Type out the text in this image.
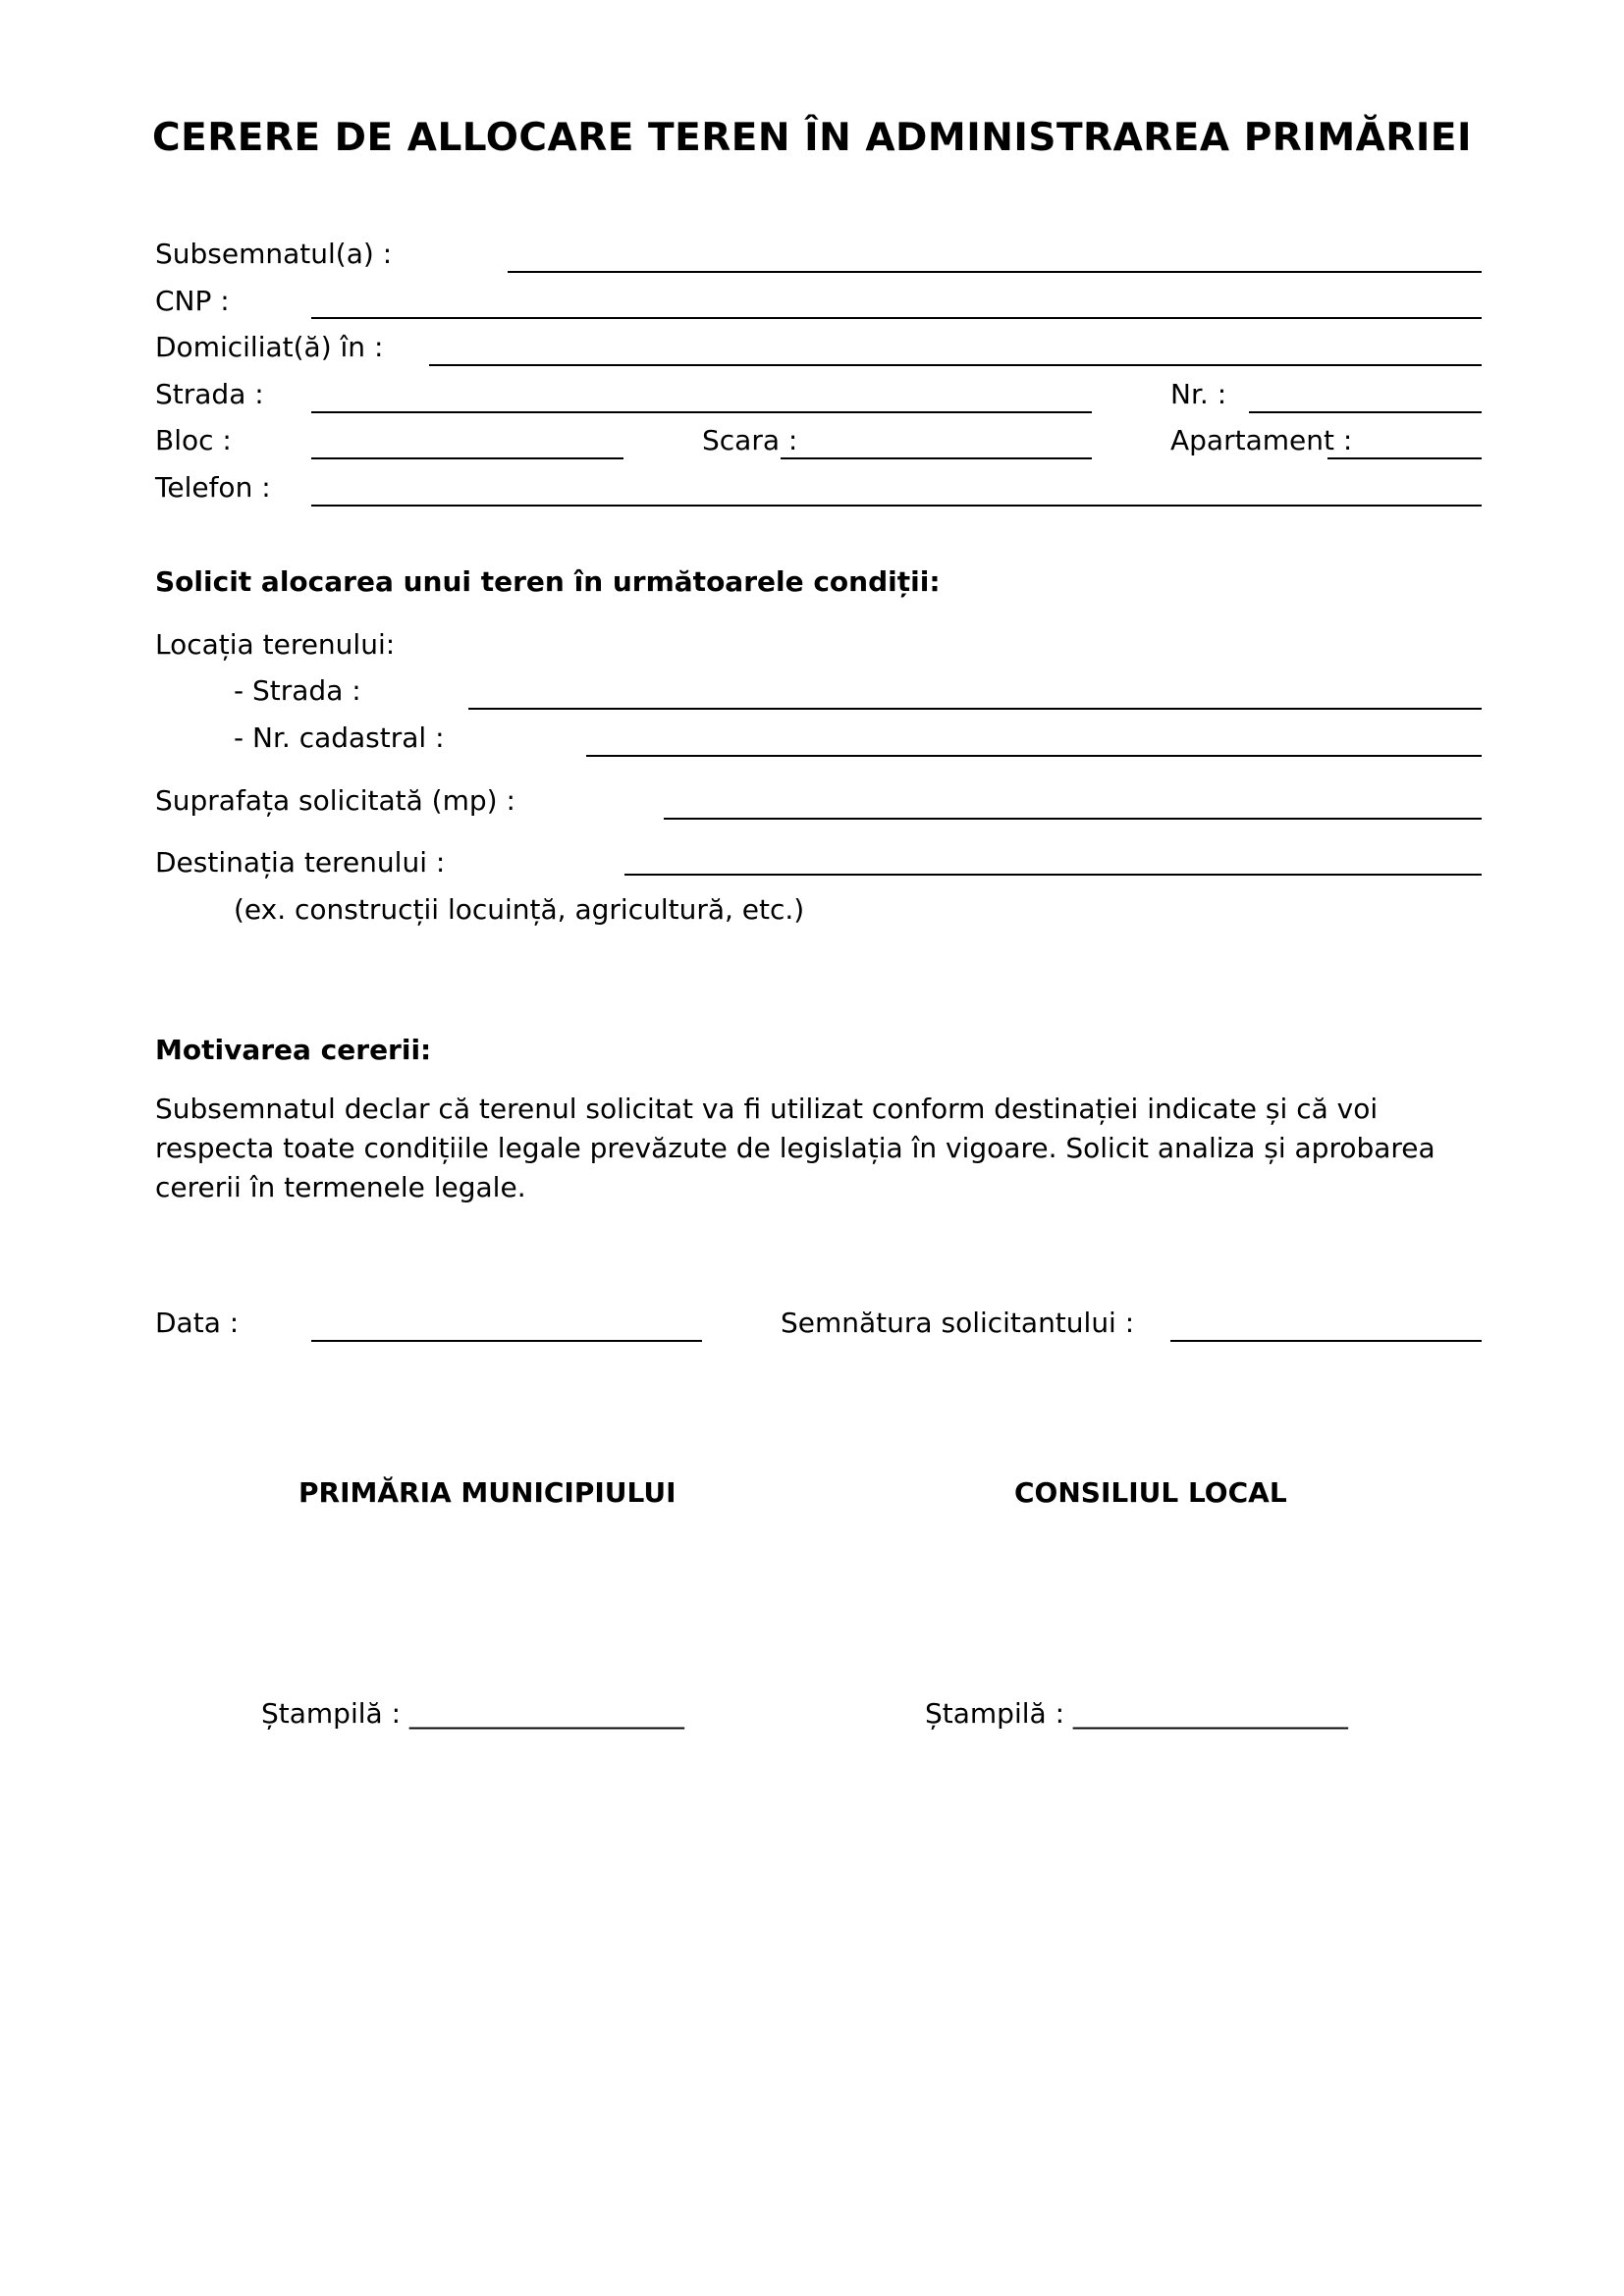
CERERE DE ALLOCARE TEREN ÎN ADMINISTRAREA PRIMĂRIEI
Subsemnatul(a) :
CNP :
Domiciliat(ă) în :
Strada :	Nr. :
Bloc :	Scara :	Apartament :
Telefon :
Solicit alocarea unui teren în următoarele condiții:
Locația terenului:
- Strada :
- Nr. cadastral :
Suprafața solicitată (mp) :
Destinația terenului :
(ex. construcții locuință, agricultură, etc.)
Motivarea cererii:
Subsemnatul declar că terenul solicitat va fi utilizat conform destinației indicate și că voi
respecta toate condițiile legale prevăzute de legislația în vigoare. Solicit analiza și aprobarea
cererii în termenele legale.
Data :	Semnătura solicitantului :
PRIMĂRIA MUNICIPIULUI	CONSILIUL LOCAL
Ștampilă : ____________________	Ștampilă : ____________________
